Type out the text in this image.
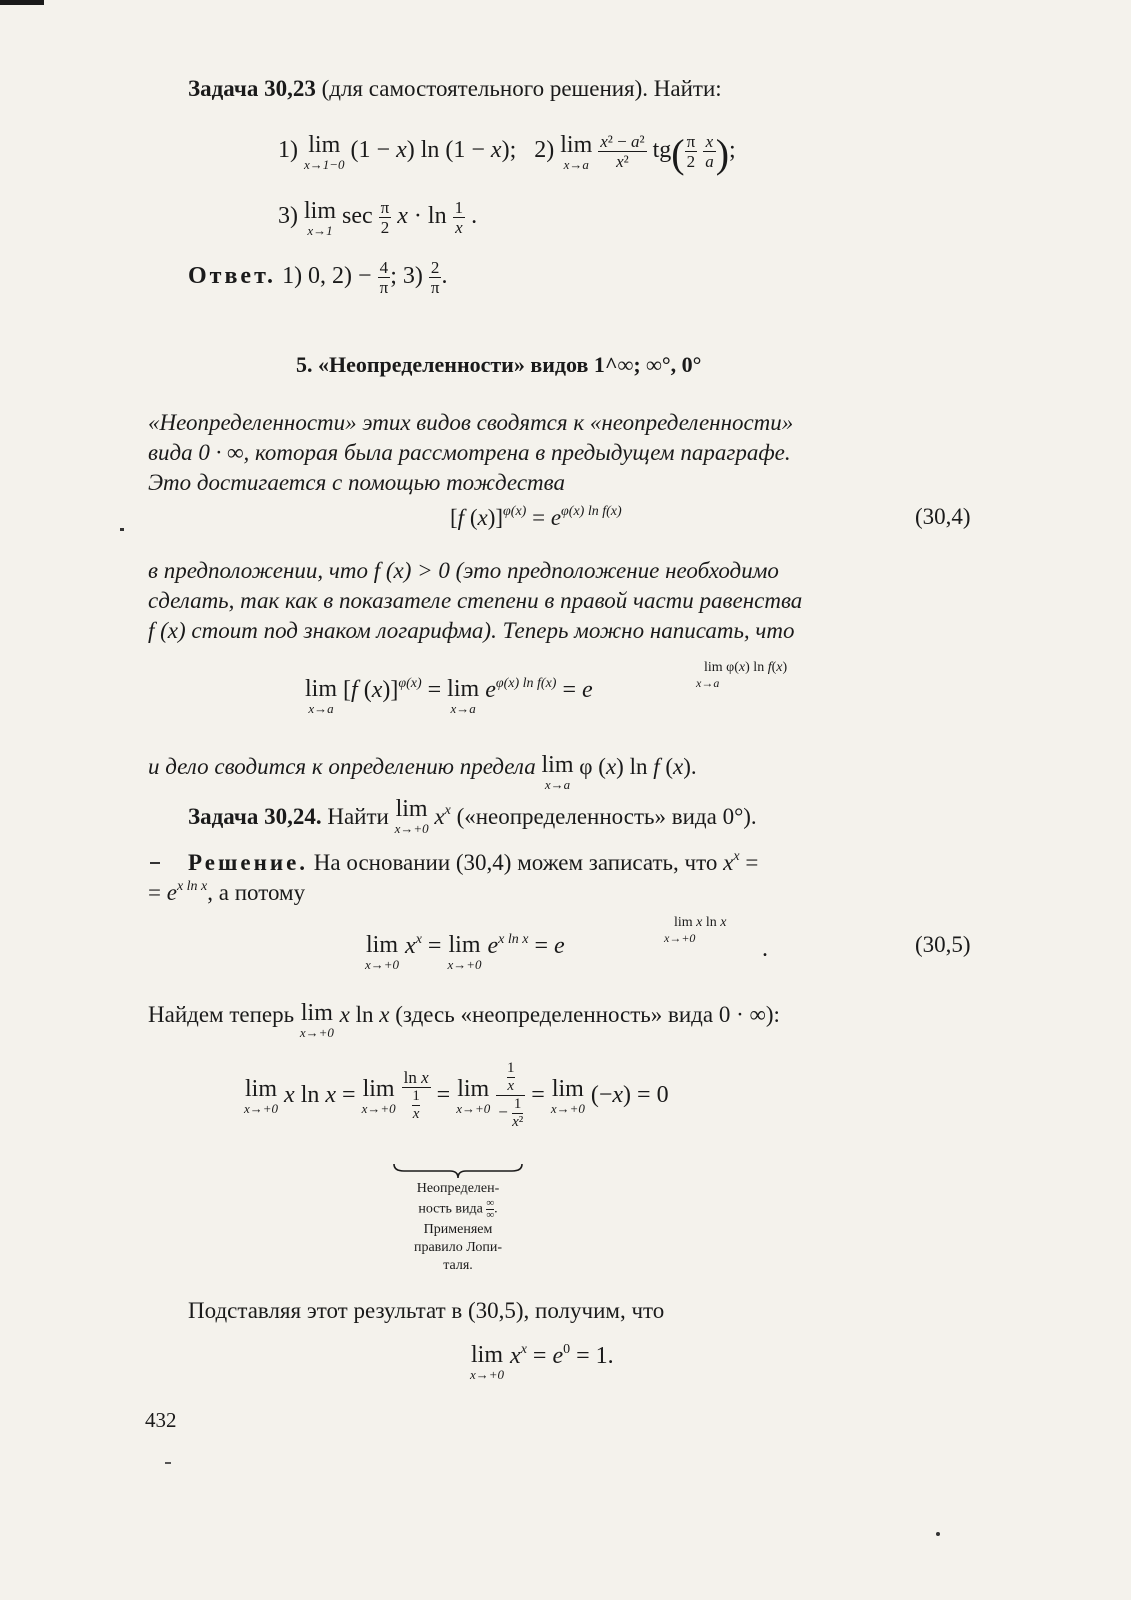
Задача 30,23 (для самостоятельного решения). Найти:
1) lim
x→1−0
(1 − x) ln (1 − x);   2) lim
x→a
$\frac{\text{x² − a²}}{\text{x²}} tg( \frac{\pi}{2}$
$\frac{x}{a}$ );
3) lim
x→1
$\sec \frac{\pi}{2}$ $x \cdot \ln \frac{1}{x}$ .
Ответ. 1) 0, $2) - \frac{4}{\pi}$ ; $3) \frac{2}{\pi}$ .
5. «Неопределенности» видов 1^∞; ∞°, 0°
«Неопределенности» этих видов сводятся к «неопределенности»
вида 0 · ∞, которая была рассмотрена в предыдущем параграфе.
Это достигается с помощью тождества
[f $(x)]^{\varphi(x)} = e^{\varphi(x) ln f(x)}$	(30,4)
в предположении, что f (x) > 0 (это предположение необходимо
сделать, так как в показателе степени в правой части равенства
f (x) стоит под знаком логарифма). Теперь можно написать, что
lim
x→a
[f (x)]$^{\varphi(x)}$ = lim
x→a
$e^{\varphi(x) ln f(x)} = e$
lim φ(x) ln f(x)
x→a
и дело сводится к определению предела lim
x→a
φ (x) ln f (x).
Задача 30,24. Найти lim
x→+0 $x^x$ («неопределенность» вида 0°).
Решение. На основании (30,4) можем записать, что $x^x$ =
= $e^{x ln x}$, а потому
lim
x→+0
$x^x = \lim$
x→+0
$e^{x ln x} = e$
lim x ln x
x→+0	.	(30,5)
Найдем теперь lim
x→+0
x ln x (здесь «неопределенность» вида 0 · ∞):
lim
x→+0 x ln x = lim
x→+0
$\frac{\text{ln x}}{\frac{1}{x}} = \lim$
x→+0
$\frac{\frac{1}{x}}{- \frac{1}{\text{x²}}} = \lim$
x→+0 (−x) = 0
Неопределен-
ность вида ∞
∞ .
Применяем
правило Лопи-
таля.
Подставляя этот результат в (30,5), получим, что
lim
x→+0
$x^x = e^0 = 1$.
432
